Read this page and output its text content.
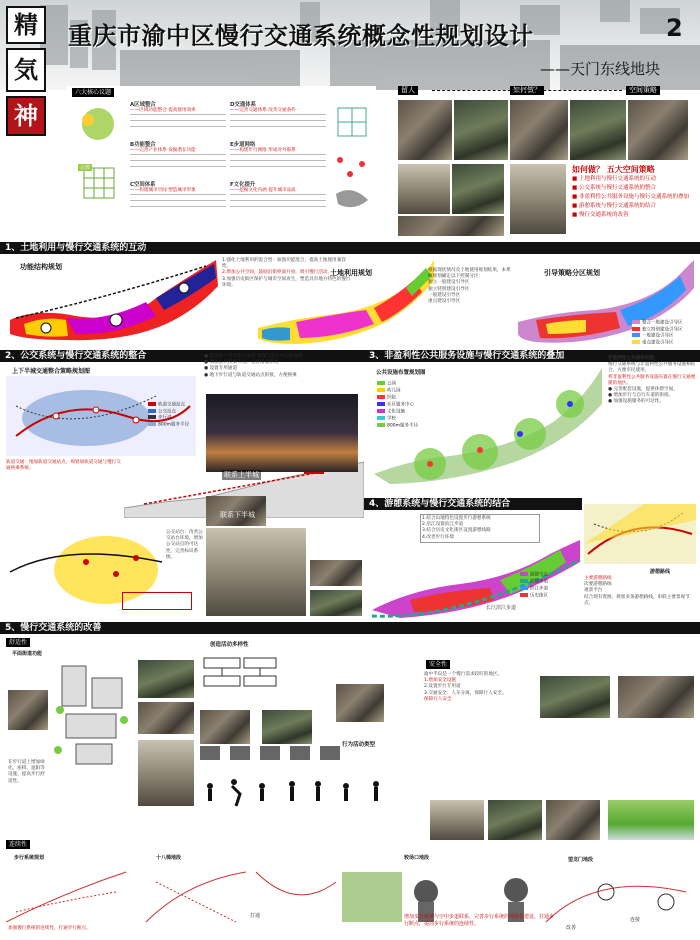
精
気
神
重庆市渝中区慢行交通系统概念性规划设计	2
——天门东线地块
六大核心议题
宗教
A区域整合
——区域功能整合 提高使用效率
B功能整合
——完善产业体系 发掘潜在功能
C空间体系
——构建城市空间 塑造城市形象
D交通体系
——完善交通体系 改善交通条件
E步道网络
——构建步行网络 形成对外联系
F文化提升
——挖掘文化内涵 提升城市品质
留人	如何做？	空间策略
如何做？ 五大空间策略
■ 土地利用与慢行交通系统的互动
■ 公交系统与慢行交通系统的整合
■ 非盈利性公共服务设施与慢行交通系统的叠加
■ 游憩系统与慢行交通系统的结合
■ 慢行交通系统的改善
1、土地利用与慢行交通系统的互动
功能结构规划
土地利用规划	引导策略分区规划
1.强化土地利用的混合型：加强功能混合，提高土地使用兼容性。
2.增加公共空间，鼓励沿街界面开放，吸引慢行活动。
3.加强历史街区保护与城市空间再生，塑造具有地方特色的慢行环境。
根据现状情况及土地使用规划结果，本系统规划确定以下控制分区：
独立一般建设引导区
独立特别建设引导区
一般建设引导区
重点建设引导区
整合一般建设引导区
独立特别建设引导区
一般建设引导区
重点建设引导区
2、公交系统与慢行交通系统的整合
上下半城交通整合策略规划图
轨道交通站点
公交站点
步行道
800m服务半径
轨道交通：地加轨道交通站点，规划加轨道交通与慢行交通换乘系统。
公交站台：改善公交站台环境，增加公交站点的可达性，完善标识系统。
● 增加地下空间步行通道 加强与商业中心的联系
● 增加公共换乘节点，完善接驳系统
● 设置专用通道
● 地下步行道与轨道交通站点衔接，方便换乘
联系上半城
联系下半城
3、非盈利性公共服务设施与慢行交通系统的叠加
公共设施布置规划图
公园
幼儿园
医院
社区服务中心
文化设施
学校
800m服务半径
非盈利性公共服务设施：
慢行交通系统与非盈利性公共服务设施相结合，方便市民使用。
将非盈利性公共服务设施布置在慢行交通便捷的地区。
● 完善配套设施，提供休憩空间。
● 增加步行与自行车道的衔接。
● 加强设施服务的可达性。
4、游憩系统与慢行交通系统的结合
1.结合山地特色设置步行游憩系统
2.沿江设置滨江步道
3.结合历史文化街区设置游憩线路
4.改善步行环境
长江滨江步道
游憩节点
游憩步道
滨江步道
历史街区
游憩路线
主要游憩路线
次要游憩路线
观景平台
结合现有资源，规划多条游憩路线，串联主要景观节点。
5、慢行交通系统的改善
舒适性
平面街道功能
在步行道上增加绿化、座椅、遮阳等设施，提高步行舒适性。
创造活动多样性
行为活动类型
安全性
渝中半岛是一个慢行需求较旺的地区。
1.增加安全设施
2.设置步行专用道
3.交通安全：人车分离，保障行人安全。
保障行人安全
连续性
步行系统规划	十八梯地段	较场口地段	望龙门地段
加强慢行系统的连续性，打通步行断点。
打通
连接
改善
增加步行系统与空中步道联系，完善步行系统的网络化建设，打通步行断点，提高步行系统的连续性。
